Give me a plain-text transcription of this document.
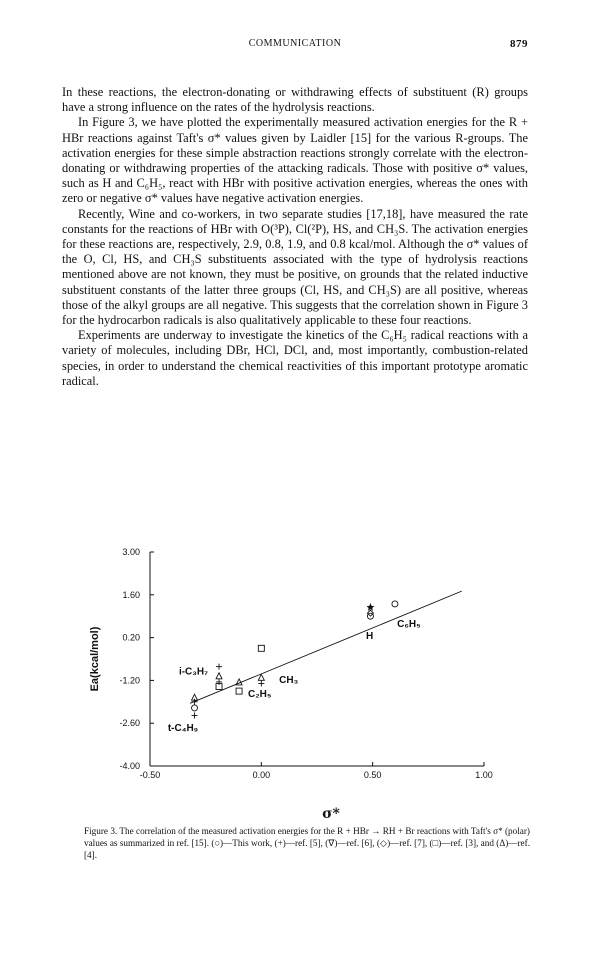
COMMUNICATION	879

In these reactions, the electron-donating or withdrawing effects of substituent (R) groups have a strong influence on the rates of the hydrolysis reactions.

In Figure 3, we have plotted the experimentally measured activation energies for the R + HBr reactions against Taft's σ* values given by Laidler [15] for the various R-groups. The activation energies for these simple abstraction reactions strongly correlate with the electron-donating or withdrawing properties of the attacking radicals. Those with positive σ* values, such as H and C₆H₅, react with HBr with positive activation energies, whereas the ones with zero or negative σ* values have negative activation energies.

Recently, Wine and co-workers, in two separate studies [17,18], have measured the rate constants for the reactions of HBr with O(³P), Cl(²P), HS, and CH₃S. The activation energies for these reactions are, respectively, 2.9, 0.8, 1.9, and 0.8 kcal/mol. Although the σ* values of the O, Cl, HS, and CH₃S substituents associated with the type of hydrolysis reactions mentioned above are not known, they must be positive, on grounds that the related inductive substituent constants of the latter three groups (Cl, HS, and CH₃S) are all positive, whereas those of the alkyl groups are all negative. This suggests that the correlation shown in Figure 3 for the hydrocarbon radicals is also qualitatively applicable to these four reactions.

Experiments are underway to investigate the kinetics of the C₆H₅ radical reactions with a variety of molecules, including DBr, HCl, DCl, and, most importantly, combustion-related species, in order to understand the chemical reactivities of this important prototype aromatic radical.

-4.00
-2.60
-1.20
0.20
1.60
3.00
-0.50	0.00	0.50	1.00
Ea(kcal/mol)
σ*
i-C₃H₇
CH₃
C₂H₅
t-C₄H₉
H
C₆H₅
Figure 3. The correlation of the measured activation energies for the R + HBr → RH + Br reactions with Taft's σ* (polar) values as summarized in ref. [15]. (○)—This work, (+)—ref. [5], (∇)—ref. [6], (◇)—ref. [7], (□)—ref. [3], and (Δ)—ref. [4].
